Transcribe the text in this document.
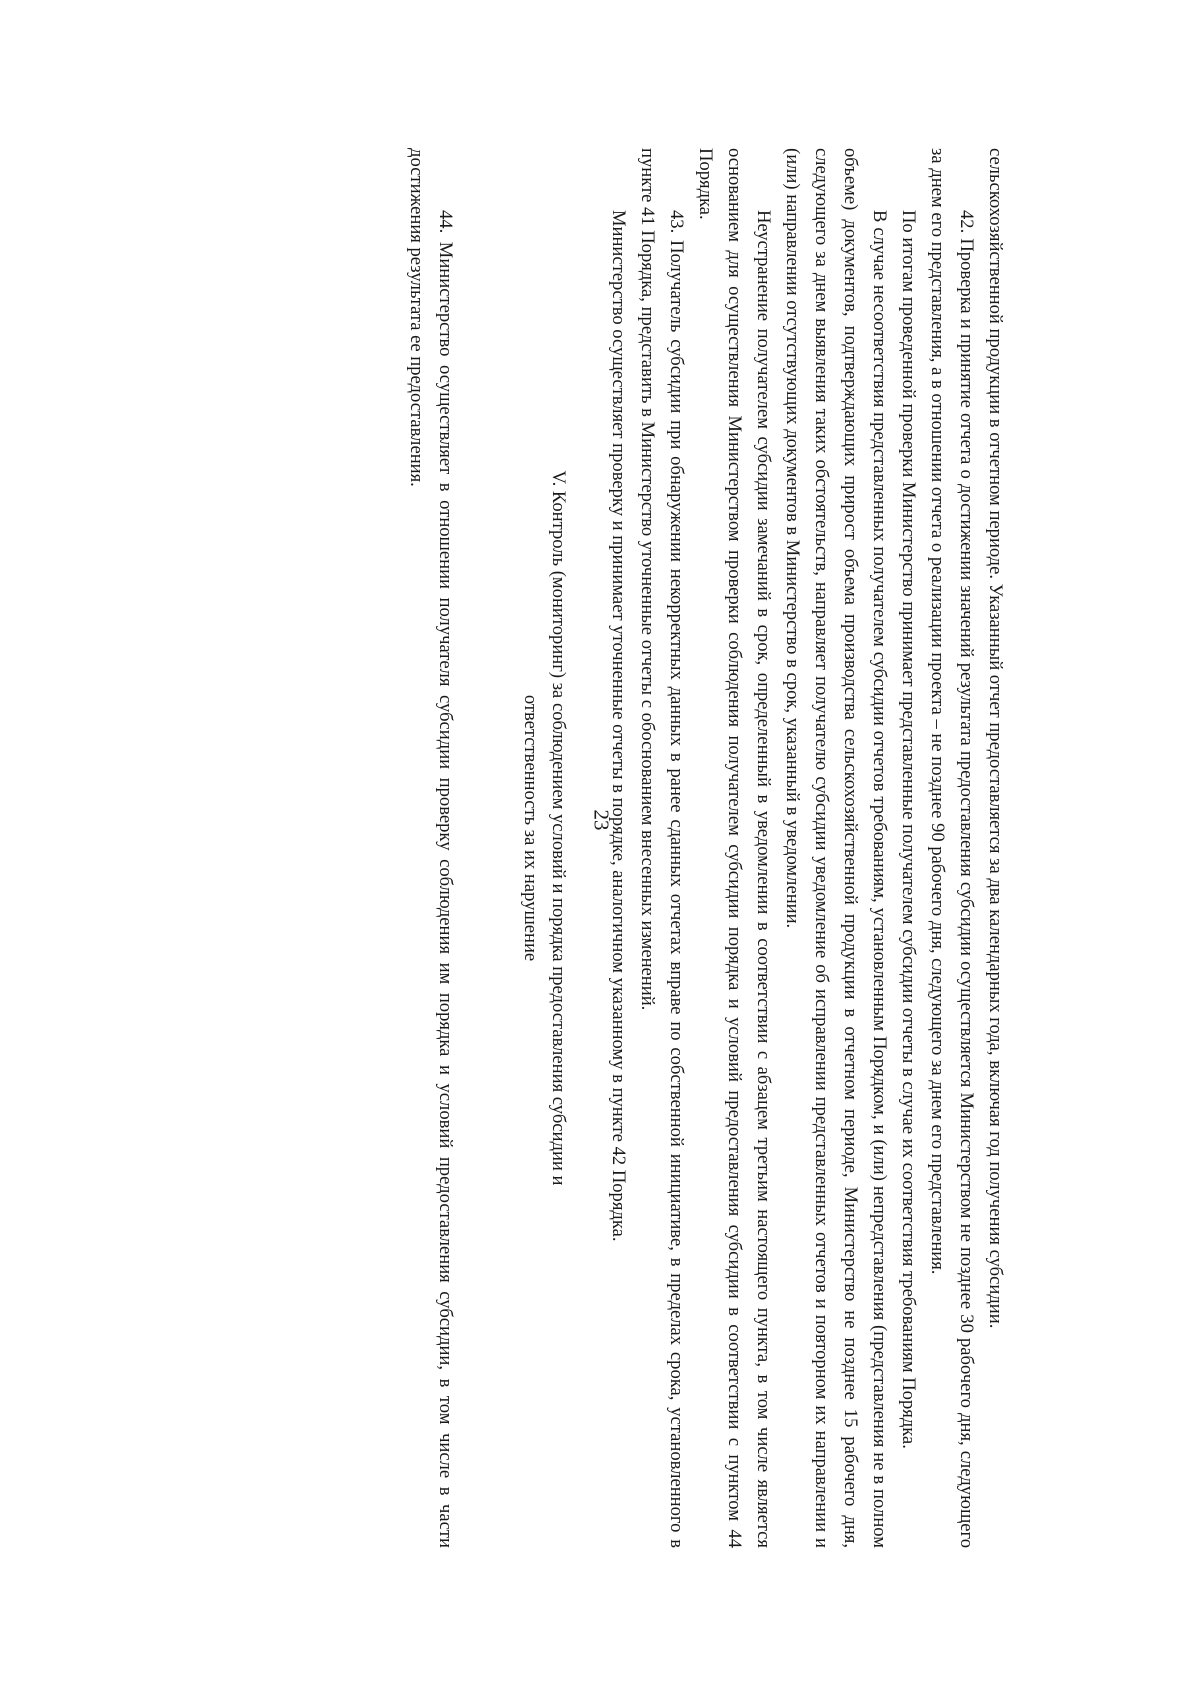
23	сельскохозяйственной продукции в отчетном периоде. Указанный отчет предоставляется за два календарных года, включая год получения субсидии.

42. Проверка и принятие отчета о достижении значений результата предоставления субсидии осуществляется Министерством не позднее 30 рабочего дня, следующего за днем его представления, а в отношении отчета о реализации проекта – не позднее 90 рабочего дня, следующего за днем его представления.

По итогам проведенной проверки Министерство принимает представленные получателем субсидии отчеты в случае их соответствия требованиям Порядка.

В случае несоответствия представленных получателем субсидии отчетов требованиям, установленным Порядком, и (или) непредставления (представления не в полном объеме) документов, подтверждающих прирост объема производства сельскохозяйственной продукции в отчетном периоде, Министерство не позднее 15 рабочего дня, следующего за днем выявления таких обстоятельств, направляет получателю субсидии уведомление об исправлении представленных отчетов и повторном их направлении и (или) направлении отсутствующих документов в Министерство в срок, указанный в уведомлении.

Неустранение получателем субсидии замечаний в срок, определенный в уведомлении в соответствии с абзацем третьим настоящего пункта, в том числе является основанием для осуществления Министерством проверки соблюдения получателем субсидии порядка и условий предоставления субсидии в соответствии с пунктом 44 Порядка.

43. Получатель субсидии при обнаружении некорректных данных в ранее сданных отчетах вправе по собственной инициативе, в пределах срока, установленного в пункте 41 Порядка, представить в Министерство уточненные отчеты с обоснованием внесенных изменений.

Министерство осуществляет проверку и принимает уточненные отчеты в порядке, аналогичном указанному в пункте 42 Порядка.

V. Контроль (мониторинг) за соблюдением условий и порядка предоставления субсидии и ответственность за их нарушение

44. Министерство осуществляет в отношении получателя субсидии проверку соблюдения им порядка и условий предоставления субсидии, в том числе в части достижения результата ее предоставления.
